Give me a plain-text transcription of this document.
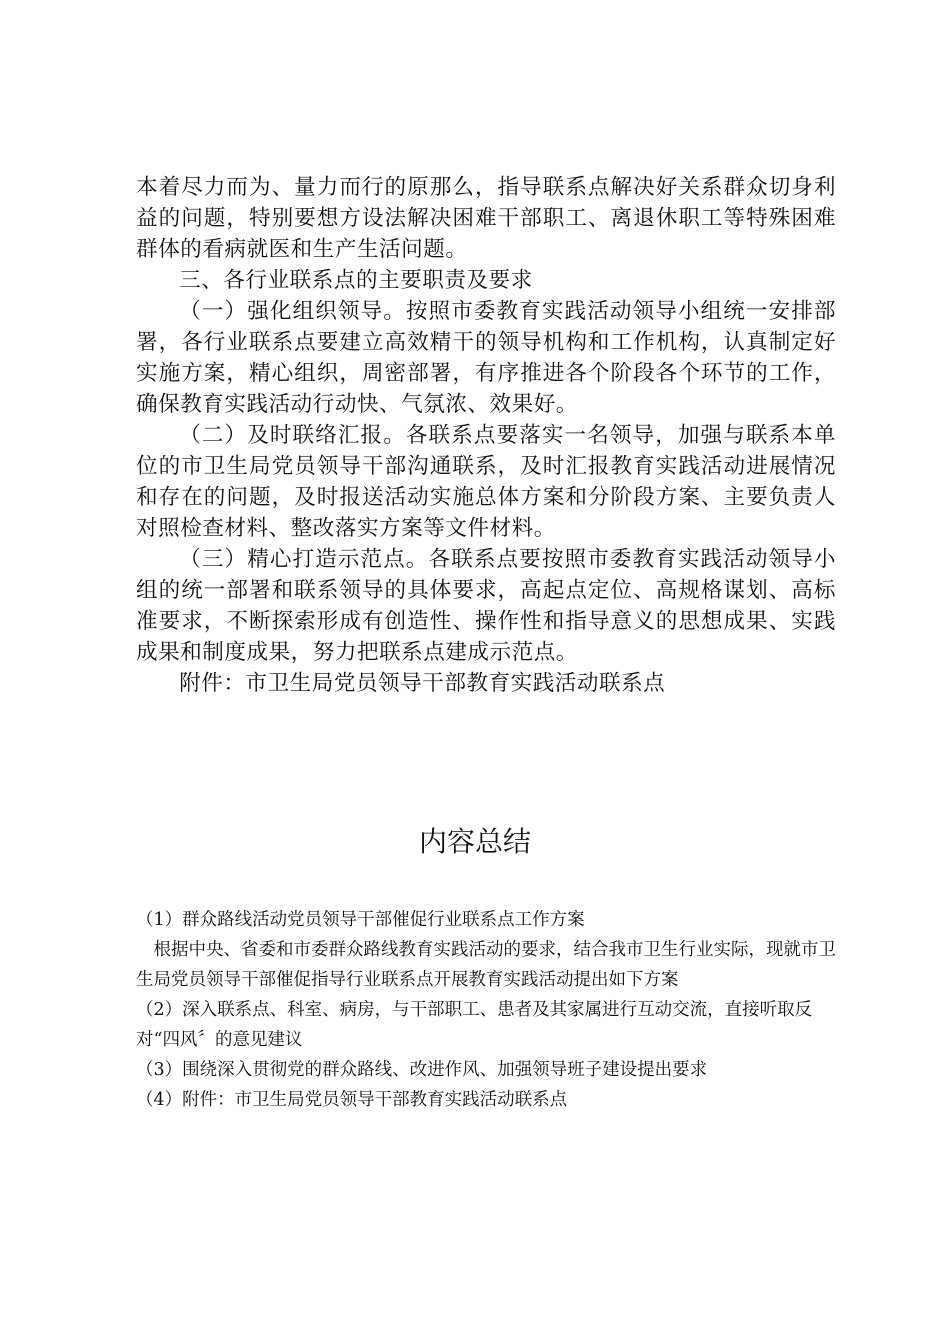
本着尽力而为、量力而行的原那么，指导联系点解决好关系群众切身利益的问题，特别要想方设法解决困难干部职工、离退休职工等特殊困难群体的看病就医和生产生活问题。

三、各行业联系点的主要职责及要求

（一）强化组织领导。按照市委教育实践活动领导小组统一安排部署，各行业联系点要建立高效精干的领导机构和工作机构，认真制定好实施方案，精心组织，周密部署，有序推进各个阶段各个环节的工作，确保教育实践活动行动快、气氛浓、效果好。

（二）及时联络汇报。各联系点要落实一名领导，加强与联系本单位的市卫生局党员领导干部沟通联系，及时汇报教育实践活动进展情况和存在的问题，及时报送活动实施总体方案和分阶段方案、主要负责人对照检查材料、整改落实方案等文件材料。

（三）精心打造示范点。各联系点要按照市委教育实践活动领导小组的统一部署和联系领导的具体要求，高起点定位、高规格谋划、高标准要求，不断探索形成有创造性、操作性和指导意义的思想成果、实践成果和制度成果，努力把联系点建成示范点。

附件：市卫生局党员领导干部教育实践活动联系点

内容总结

（1）群众路线活动党员领导干部催促行业联系点工作方案

根据中央、省委和市委群众路线教育实践活动的要求，结合我市卫生行业实际，现就市卫生局党员领导干部催促指导行业联系点开展教育实践活动提出如下方案

（2）深入联系点、科室、病房，与干部职工、患者及其家属进行互动交流，直接听取反对“四风〞的意见建议

（3）围绕深入贯彻党的群众路线、改进作风、加强领导班子建设提出要求

（4）附件：市卫生局党员领导干部教育实践活动联系点
